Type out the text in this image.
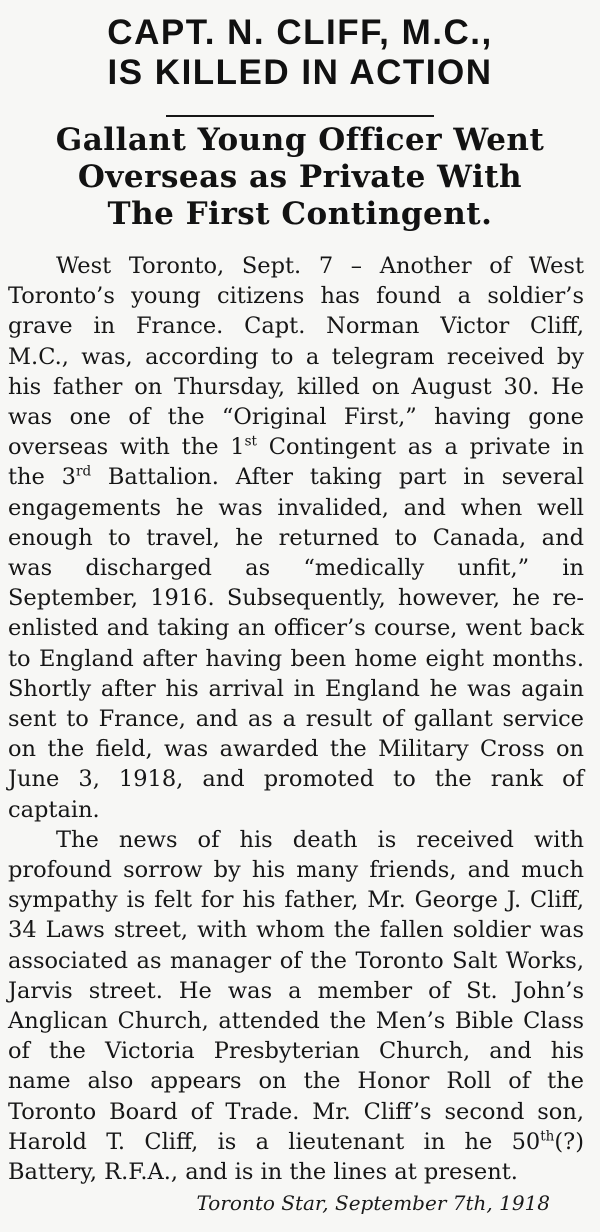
CAPT. N. CLIFF, M.C.,
IS KILLED IN ACTION
Gallant Young Officer Went
Overseas as Private With
The First Contingent.
West Toronto, Sept. 7 – Another of West
Toronto’s young citizens has found a soldier’s
grave in France. Capt. Norman Victor Cliff,
M.C., was, according to a telegram received by
his father on Thursday, killed on August 30. He
was one of the “Original First,” having gone
overseas with the 1st Contingent as a private in
the 3rd Battalion. After taking part in several
engagements he was invalided, and when well
enough to travel, he returned to Canada, and
was discharged as “medically unfit,” in
September, 1916. Subsequently, however, he re-
enlisted and taking an officer’s course, went back
to England after having been home eight months.
Shortly after his arrival in England he was again
sent to France, and as a result of gallant service
on the field, was awarded the Military Cross on
June 3, 1918, and promoted to the rank of
captain.
The news of his death is received with
profound sorrow by his many friends, and much
sympathy is felt for his father, Mr. George J. Cliff,
34 Laws street, with whom the fallen soldier was
associated as manager of the Toronto Salt Works,
Jarvis street. He was a member of St. John’s
Anglican Church, attended the Men’s Bible Class
of the Victoria Presbyterian Church, and his
name also appears on the Honor Roll of the
Toronto Board of Trade. Mr. Cliff’s second son,
Harold T. Cliff, is a lieutenant in he 50th(?)
Battery, R.F.A., and is in the lines at present.
Toronto Star, September 7th, 1918
